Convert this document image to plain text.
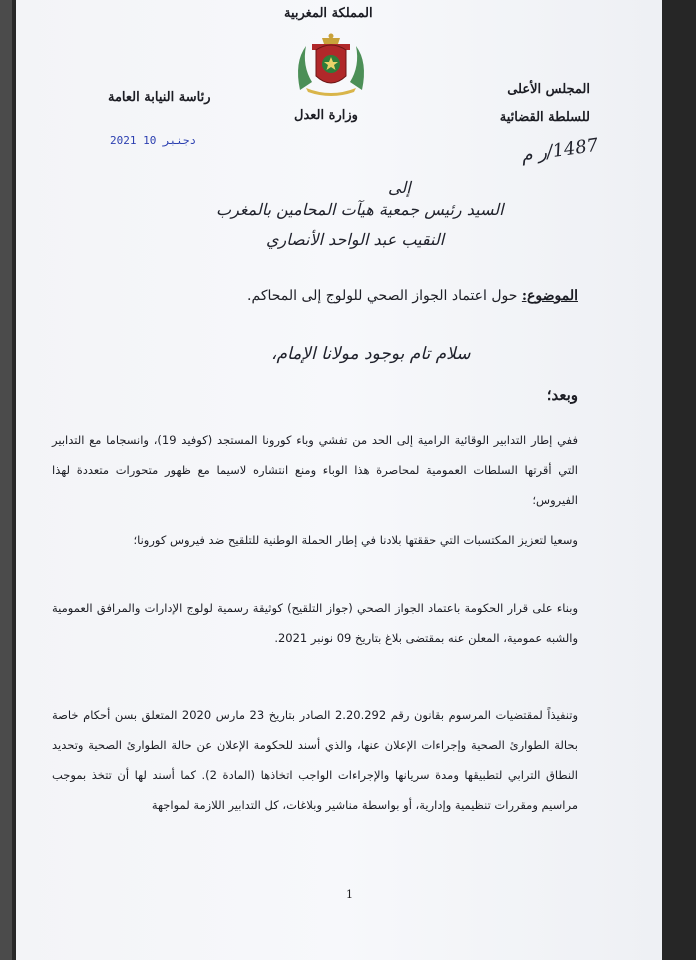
المملكة المغربية
رئاسة النيابة العامة
وزارة العدل
المجلس الأعلى
للسلطة القضائية
2021 دجنبر 10
1487/ر م
إلى
السيد رئيس جمعية هيآت المحامين بالمغرب
النقيب عبد الواحد الأنصاري
الموضوع: حول اعتماد الجواز الصحي للولوج إلى المحاكم.
سلام تام بوجود مولانا الإمام،
وبعد؛
ففي إطار التدابير الوقائية الرامية إلى الحد من تفشي وباء كورونا المستجد (كوفيد 19)، وانسجاما مع التدابير التي أقرتها السلطات العمومية لمحاصرة هذا الوباء ومنع انتشاره لاسيما مع ظهور متحورات متعددة لهذا الفيروس؛
وسعيا لتعزيز المكتسبات التي حققتها بلادنا في إطار الحملة الوطنية للتلقيح ضد فيروس كورونا؛
وبناء على قرار الحكومة باعتماد الجواز الصحي (جواز التلقيح) كوثيقة رسمية لولوج الإدارات والمرافق العمومية والشبه عمومية، المعلن عنه بمقتضى بلاغ بتاريخ 09 نونبر 2021.
وتنفيذاً لمقتضيات المرسوم بقانون رقم 2.20.292 الصادر بتاريخ 23 مارس 2020 المتعلق بسن أحكام خاصة بحالة الطوارئ الصحية وإجراءات الإعلان عنها، والذي أسند للحكومة الإعلان عن حالة الطوارئ الصحية وتحديد النطاق الترابي لتطبيقها ومدة سريانها والإجراءات الواجب اتخاذها (المادة 2). كما أسند لها أن تتخذ بموجب مراسيم ومقررات تنظيمية وإدارية، أو بواسطة مناشير وبلاغات، كل التدابير اللازمة لمواجهة
1
